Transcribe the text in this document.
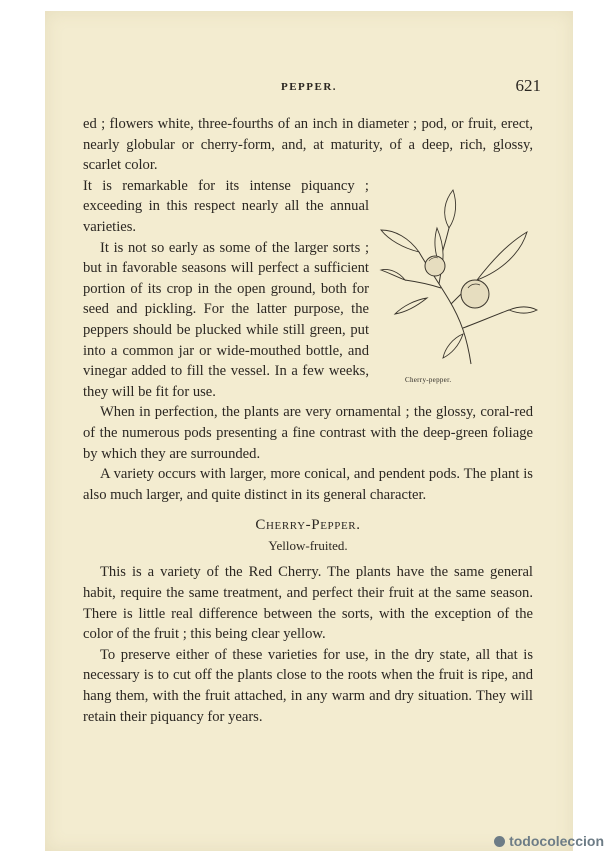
PEPPER.	621

ed ; flowers white, three-fourths of an inch in diameter ; pod, or fruit, erect, nearly globular or cherry-form, and, at maturity, of a deep, rich, glossy, scarlet color.

Cherry-pepper.

It is remarkable for its intense piquancy ; exceeding in this respect nearly all the annual varieties.

It is not so early as some of the larger sorts ; but in favorable seasons will perfect a sufficient portion of its crop in the open ground, both for seed and pickling. For the latter purpose, the peppers should be plucked while still green, put into a common jar or wide-mouthed bottle, and vinegar added to fill the vessel. In a few weeks, they will be fit for use.

When in perfection, the plants are very ornamental ; the glossy, coral-red of the numerous pods presenting a fine contrast with the deep-green foliage by which they are surrounded.

A variety occurs with larger, more conical, and pendent pods. The plant is also much larger, and quite distinct in its general character.

Cherry-Pepper.

Yellow-fruited.

This is a variety of the Red Cherry. The plants have the same general habit, require the same treatment, and perfect their fruit at the same season. There is little real difference between the sorts, with the exception of the color of the fruit ; this being clear yellow.

To preserve either of these varieties for use, in the dry state, all that is necessary is to cut off the plants close to the roots when the fruit is ripe, and hang them, with the fruit attached, in any warm and dry situation. They will retain their piquancy for years.

todocoleccion
